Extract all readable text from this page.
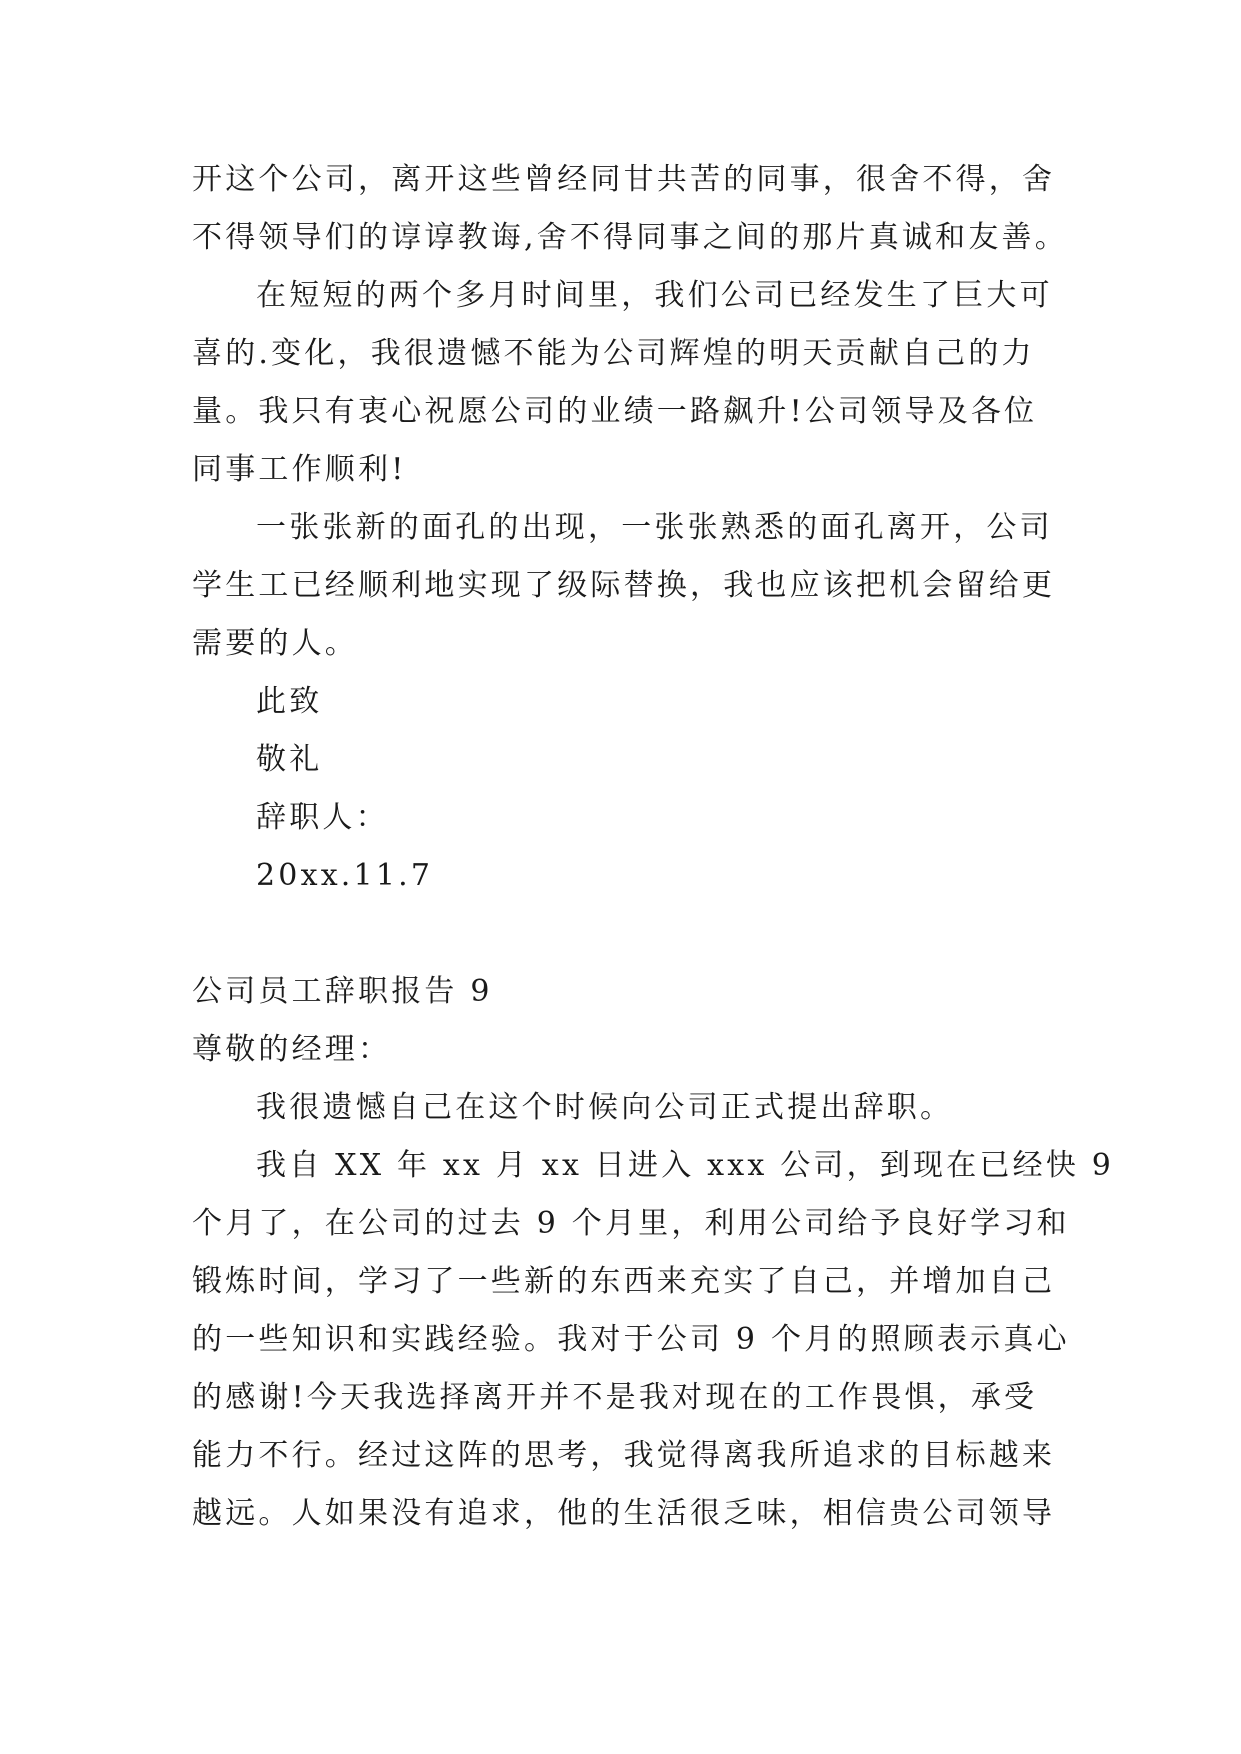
开这个公司，离开这些曾经同甘共苦的同事，很舍不得，舍

不得领导们的谆谆教诲,舍不得同事之间的那片真诚和友善。

在短短的两个多月时间里，我们公司已经发生了巨大可

喜的.变化，我很遗憾不能为公司辉煌的明天贡献自己的力

量。我只有衷心祝愿公司的业绩一路飙升!公司领导及各位

同事工作顺利!

一张张新的面孔的出现，一张张熟悉的面孔离开，公司

学生工已经顺利地实现了级际替换，我也应该把机会留给更

需要的人。

此致

敬礼

辞职人：

20xx.11.7

公司员工辞职报告 9

尊敬的经理：

我很遗憾自己在这个时候向公司正式提出辞职。

我自 XX 年 xx 月 xx 日进入 xxx 公司，到现在已经快 9

个月了，在公司的过去 9 个月里，利用公司给予良好学习和

锻炼时间，学习了一些新的东西来充实了自己，并增加自己

的一些知识和实践经验。我对于公司 9 个月的照顾表示真心

的感谢!今天我选择离开并不是我对现在的工作畏惧，承受

能力不行。经过这阵的思考，我觉得离我所追求的目标越来

越远。人如果没有追求，他的生活很乏味，相信贵公司领导
